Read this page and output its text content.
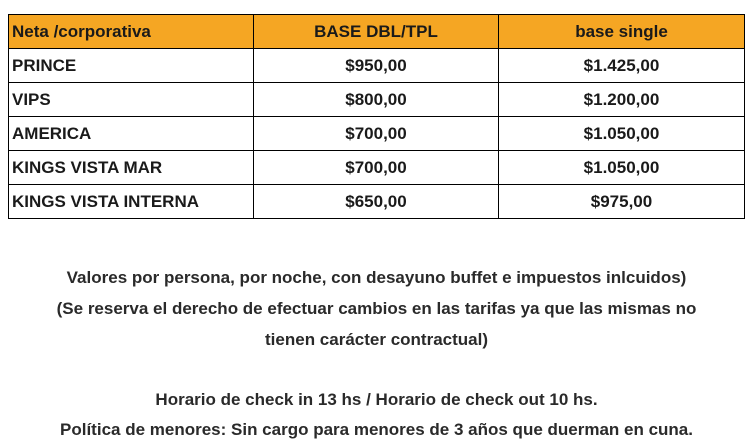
Neta /corporativa	BASE DBL/TPL	base single
PRINCE	$950,00	$1.425,00
VIPS	$800,00	$1.200,00
AMERICA	$700,00	$1.050,00
KINGS VISTA MAR	$700,00	$1.050,00
KINGS VISTA INTERNA	$650,00	$975,00

Valores por persona, por noche, con desayuno buffet e impuestos inlcuidos)
(Se reserva el derecho de efectuar cambios en las tarifas ya que las mismas no
tienen carácter contractual)

Horario de check in 13 hs / Horario de check out 10 hs.
Política de menores: Sin cargo para menores de 3 años que duerman en cuna.
